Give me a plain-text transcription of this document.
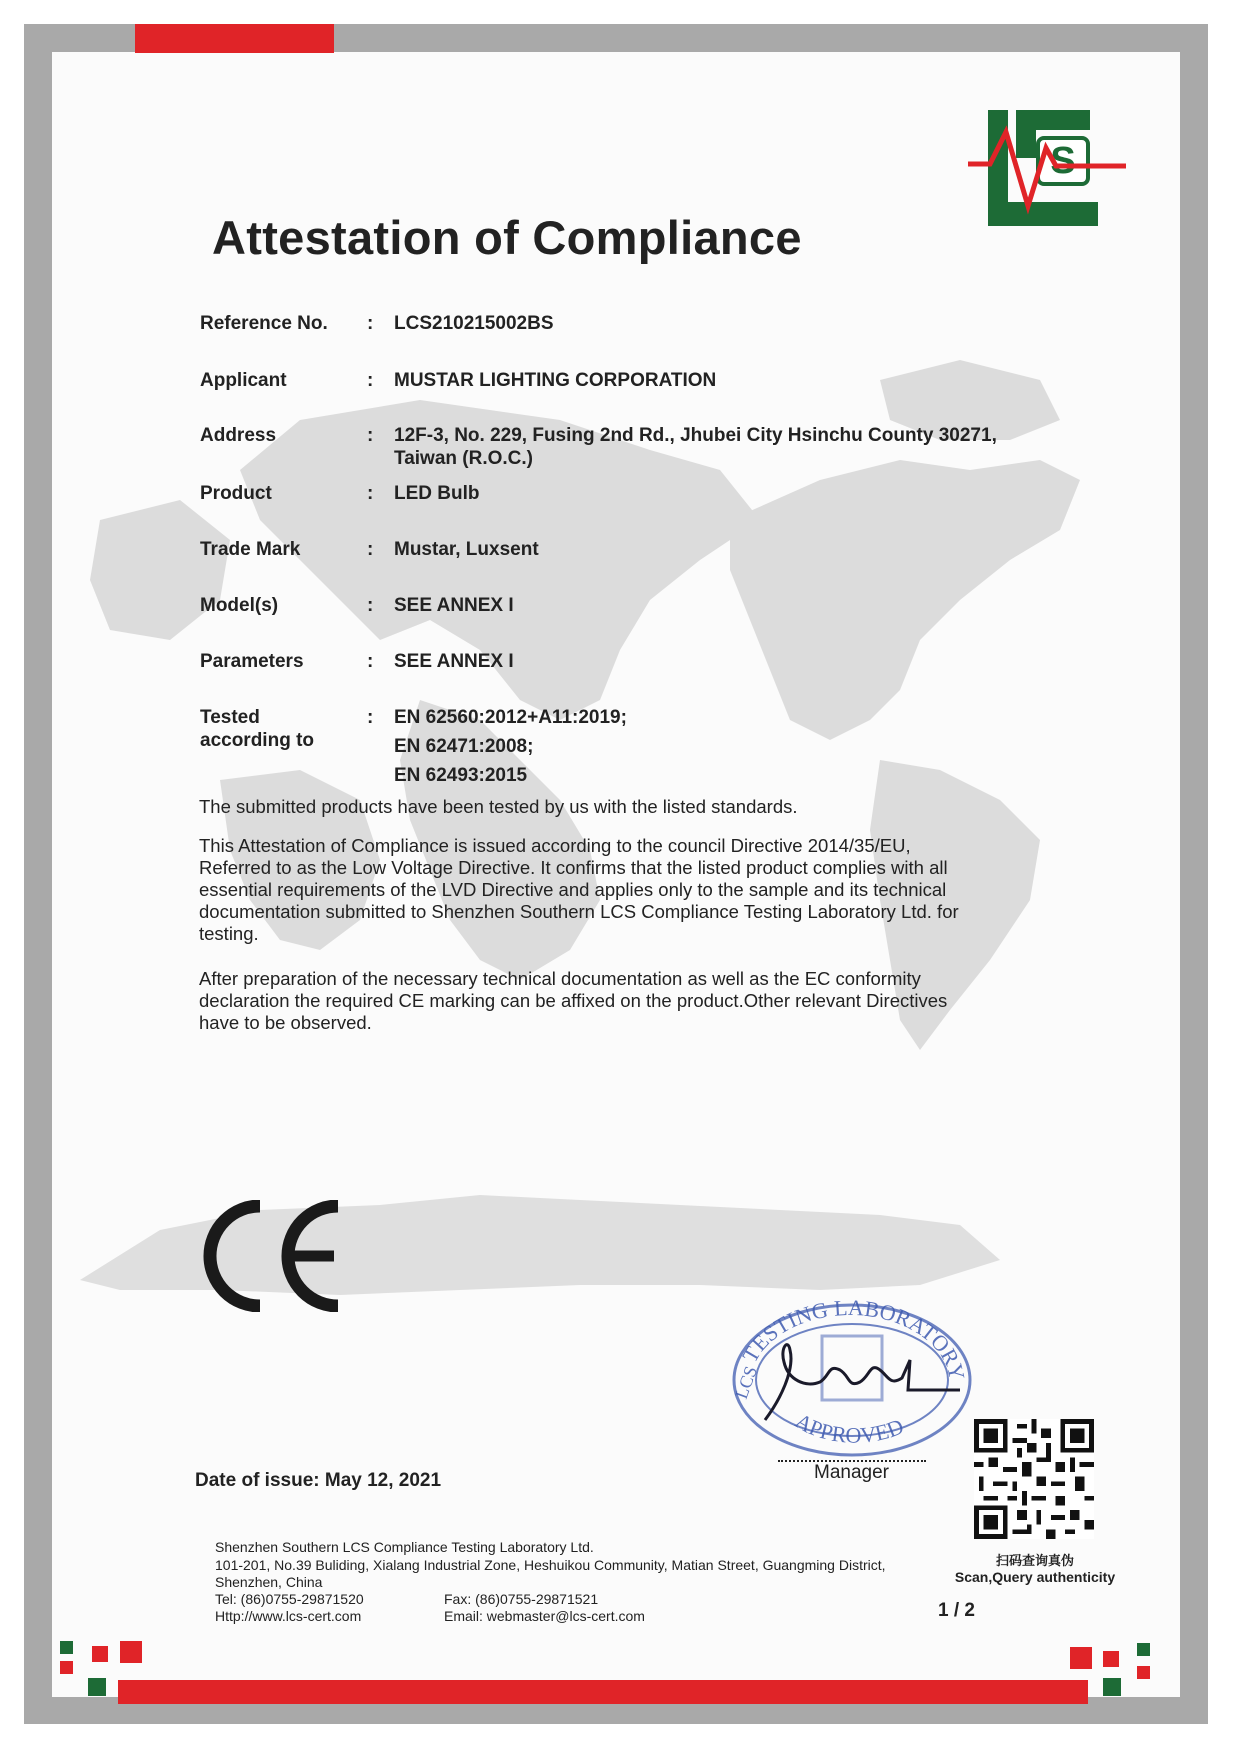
Attestation of Compliance
S
Reference No.	: LCS210215002BS
Applicant	: MUSTAR LIGHTING CORPORATION
Address	: 12F-3, No. 229, Fusing 2nd Rd., Jhubei City Hsinchu County 30271,
Taiwan (R.O.C.)
Product	: LED Bulb
Trade Mark	: Mustar, Luxsent
Model(s)	: SEE ANNEX I
Parameters	: SEE ANNEX I
Tested
according to
: EN 62560:2012+A11:2019;
EN 62471:2008;
EN 62493:2015
The submitted products have been tested by us with the listed standards.
This Attestation of Compliance is issued according to the council Directive 2014/35/EU,
Referred to as the Low Voltage Directive. It confirms that the listed product complies with all
essential requirements of the LVD Directive and applies only to the sample and its technical
documentation submitted to Shenzhen Southern LCS Compliance Testing Laboratory Ltd. for
testing.
After preparation of the necessary technical documentation as well as the EC conformity
declaration the required CE marking can be affixed on the product.Other relevant Directives
have to be observed.
TESTING LABORATORY
LCS
APPROVED
Manager
Date of issue: May 12, 2021
扫码查询真伪
Scan,Query authenticity
1 / 2
Shenzhen Southern LCS Compliance Testing Laboratory Ltd.
101-201, No.39 Buliding, Xialang Industrial Zone, Heshuikou Community, Matian Street, Guangming District,
Shenzhen, China
Tel: (86)0755-29871520
Http://www.lcs-cert.com
Fax: (86)0755-29871521
Email: webmaster@lcs-cert.com
